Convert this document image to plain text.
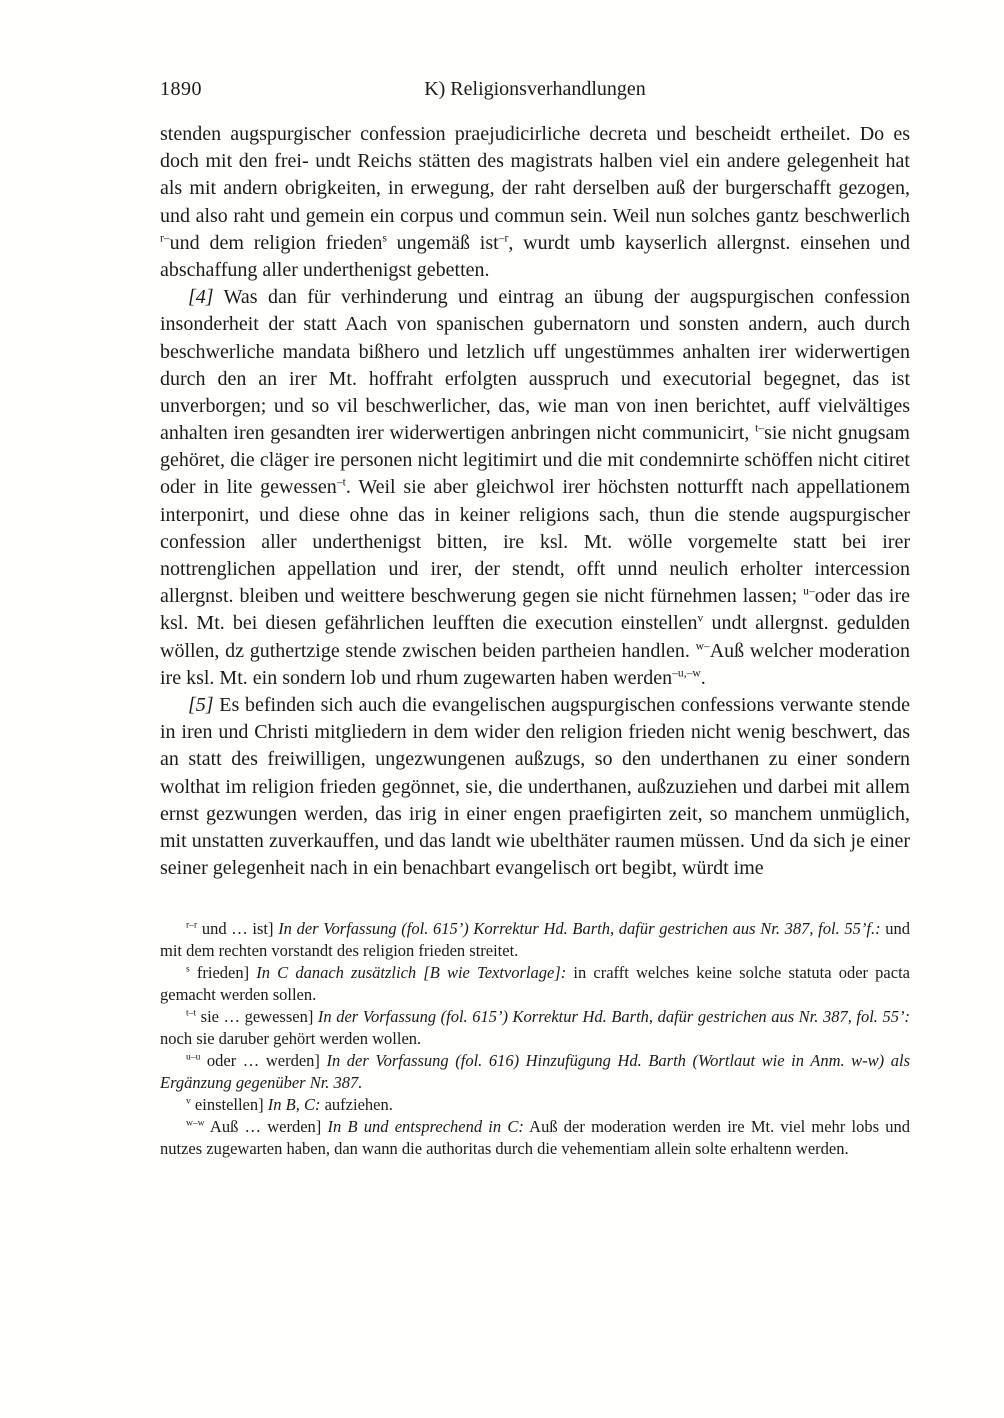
1890	K) Religionsverhandlungen

stenden augspurgischer confession praejudicirliche decreta und bescheidt ertheilet. Do es doch mit den frei- undt Reichs stätten des magistrats halben viel ein andere gelegenheit hat als mit andern obrigkeiten, in erwegung, der raht derselben auß der burgerschafft gezogen, und also raht und gemein ein corpus und commun sein. Weil nun solches gantz beschwerlich $^{r-}$und dem religion frieden$^s$ ungemäß ist$^{-r}$, wurdt umb kayserlich allergnst. einsehen und abschaffung aller underthenigst gebetten.

[4] Was dan für verhinderung und eintrag an übung der augspurgischen confession insonderheit der statt Aach von spanischen gubernatorn und sonsten andern, auch durch beschwerliche mandata bißhero und letzlich uff ungestümmes anhalten irer widerwertigen durch den an irer Mt. hoffraht erfolgten ausspruch und executorial begegnet, das ist unverborgen; und so vil beschwerlicher, das, wie man von inen berichtet, auff vielvältiges anhalten iren gesandten irer widerwertigen anbringen nicht communicirt, $^{t-}$sie nicht gnugsam gehöret, die cläger ire personen nicht legitimirt und die mit condemnirte schöffen nicht citiret oder in lite gewessen$^{-t}$. Weil sie aber gleichwol irer höchsten notturfft nach appellationem interponirt, und diese ohne das in keiner religions sach, thun die stende augspurgischer confession aller underthenigst bitten, ire ksl. Mt. wölle vorgemelte statt bei irer nottrenglichen appellation und irer, der stendt, offt unnd neulich erholter intercession allergnst. bleiben und weittere beschwerung gegen sie nicht fürnehmen lassen; $^{u-}$oder das ire ksl. Mt. bei diesen gefährlichen leufften die execution einstellen$^v$ undt allergnst. gedulden wöllen, dz guthertzige stende zwischen beiden partheien handlen. $^{w-}$Auß welcher moderation ire ksl. Mt. ein sondern lob und rhum zugewarten haben werden$^{-u,-w}$.

[5] Es befinden sich auch die evangelischen augspurgischen confessions verwante stende in iren und Christi mitgliedern in dem wider den religion frieden nicht wenig beschwert, das an statt des freiwilligen, ungezwungenen außzugs, so den underthanen zu einer sondern wolthat im religion frieden gegönnet, sie, die underthanen, außzuziehen und darbei mit allem ernst gezwungen werden, das irig in einer engen praefigirten zeit, so manchem unmüglich, mit unstatten zuverkauffen, und das landt wie ubelthäter raumen müssen. Und da sich je einer seiner gelegenheit nach in ein benachbart evangelisch ort begibt, würdt ime

$^{r-r}$ und … ist] In der Vorfassung (fol. 615’) Korrektur Hd. Barth, dafür gestrichen aus Nr. 387, fol. 55’f.: und mit dem rechten vorstandt des religion frieden streitet.

$^s$ frieden] In C danach zusätzlich [B wie Textvorlage]: in crafft welches keine solche statuta oder pacta gemacht werden sollen.

$^{t-t}$ sie … gewessen] In der Vorfassung (fol. 615’) Korrektur Hd. Barth, dafür gestrichen aus Nr. 387, fol. 55’: noch sie daruber gehört werden wollen.

$^{u-u}$ oder … werden] In der Vorfassung (fol. 616) Hinzufügung Hd. Barth (Wortlaut wie in Anm. w-w) als Ergänzung gegenüber Nr. 387.

$^v$ einstellen] In B, C: aufziehen.

$^{w-w}$ Auß … werden] In B und entsprechend in C: Auß der moderation werden ire Mt. viel mehr lobs und nutzes zugewarten haben, dan wann die authoritas durch die vehementiam allein solte erhaltenn werden.
